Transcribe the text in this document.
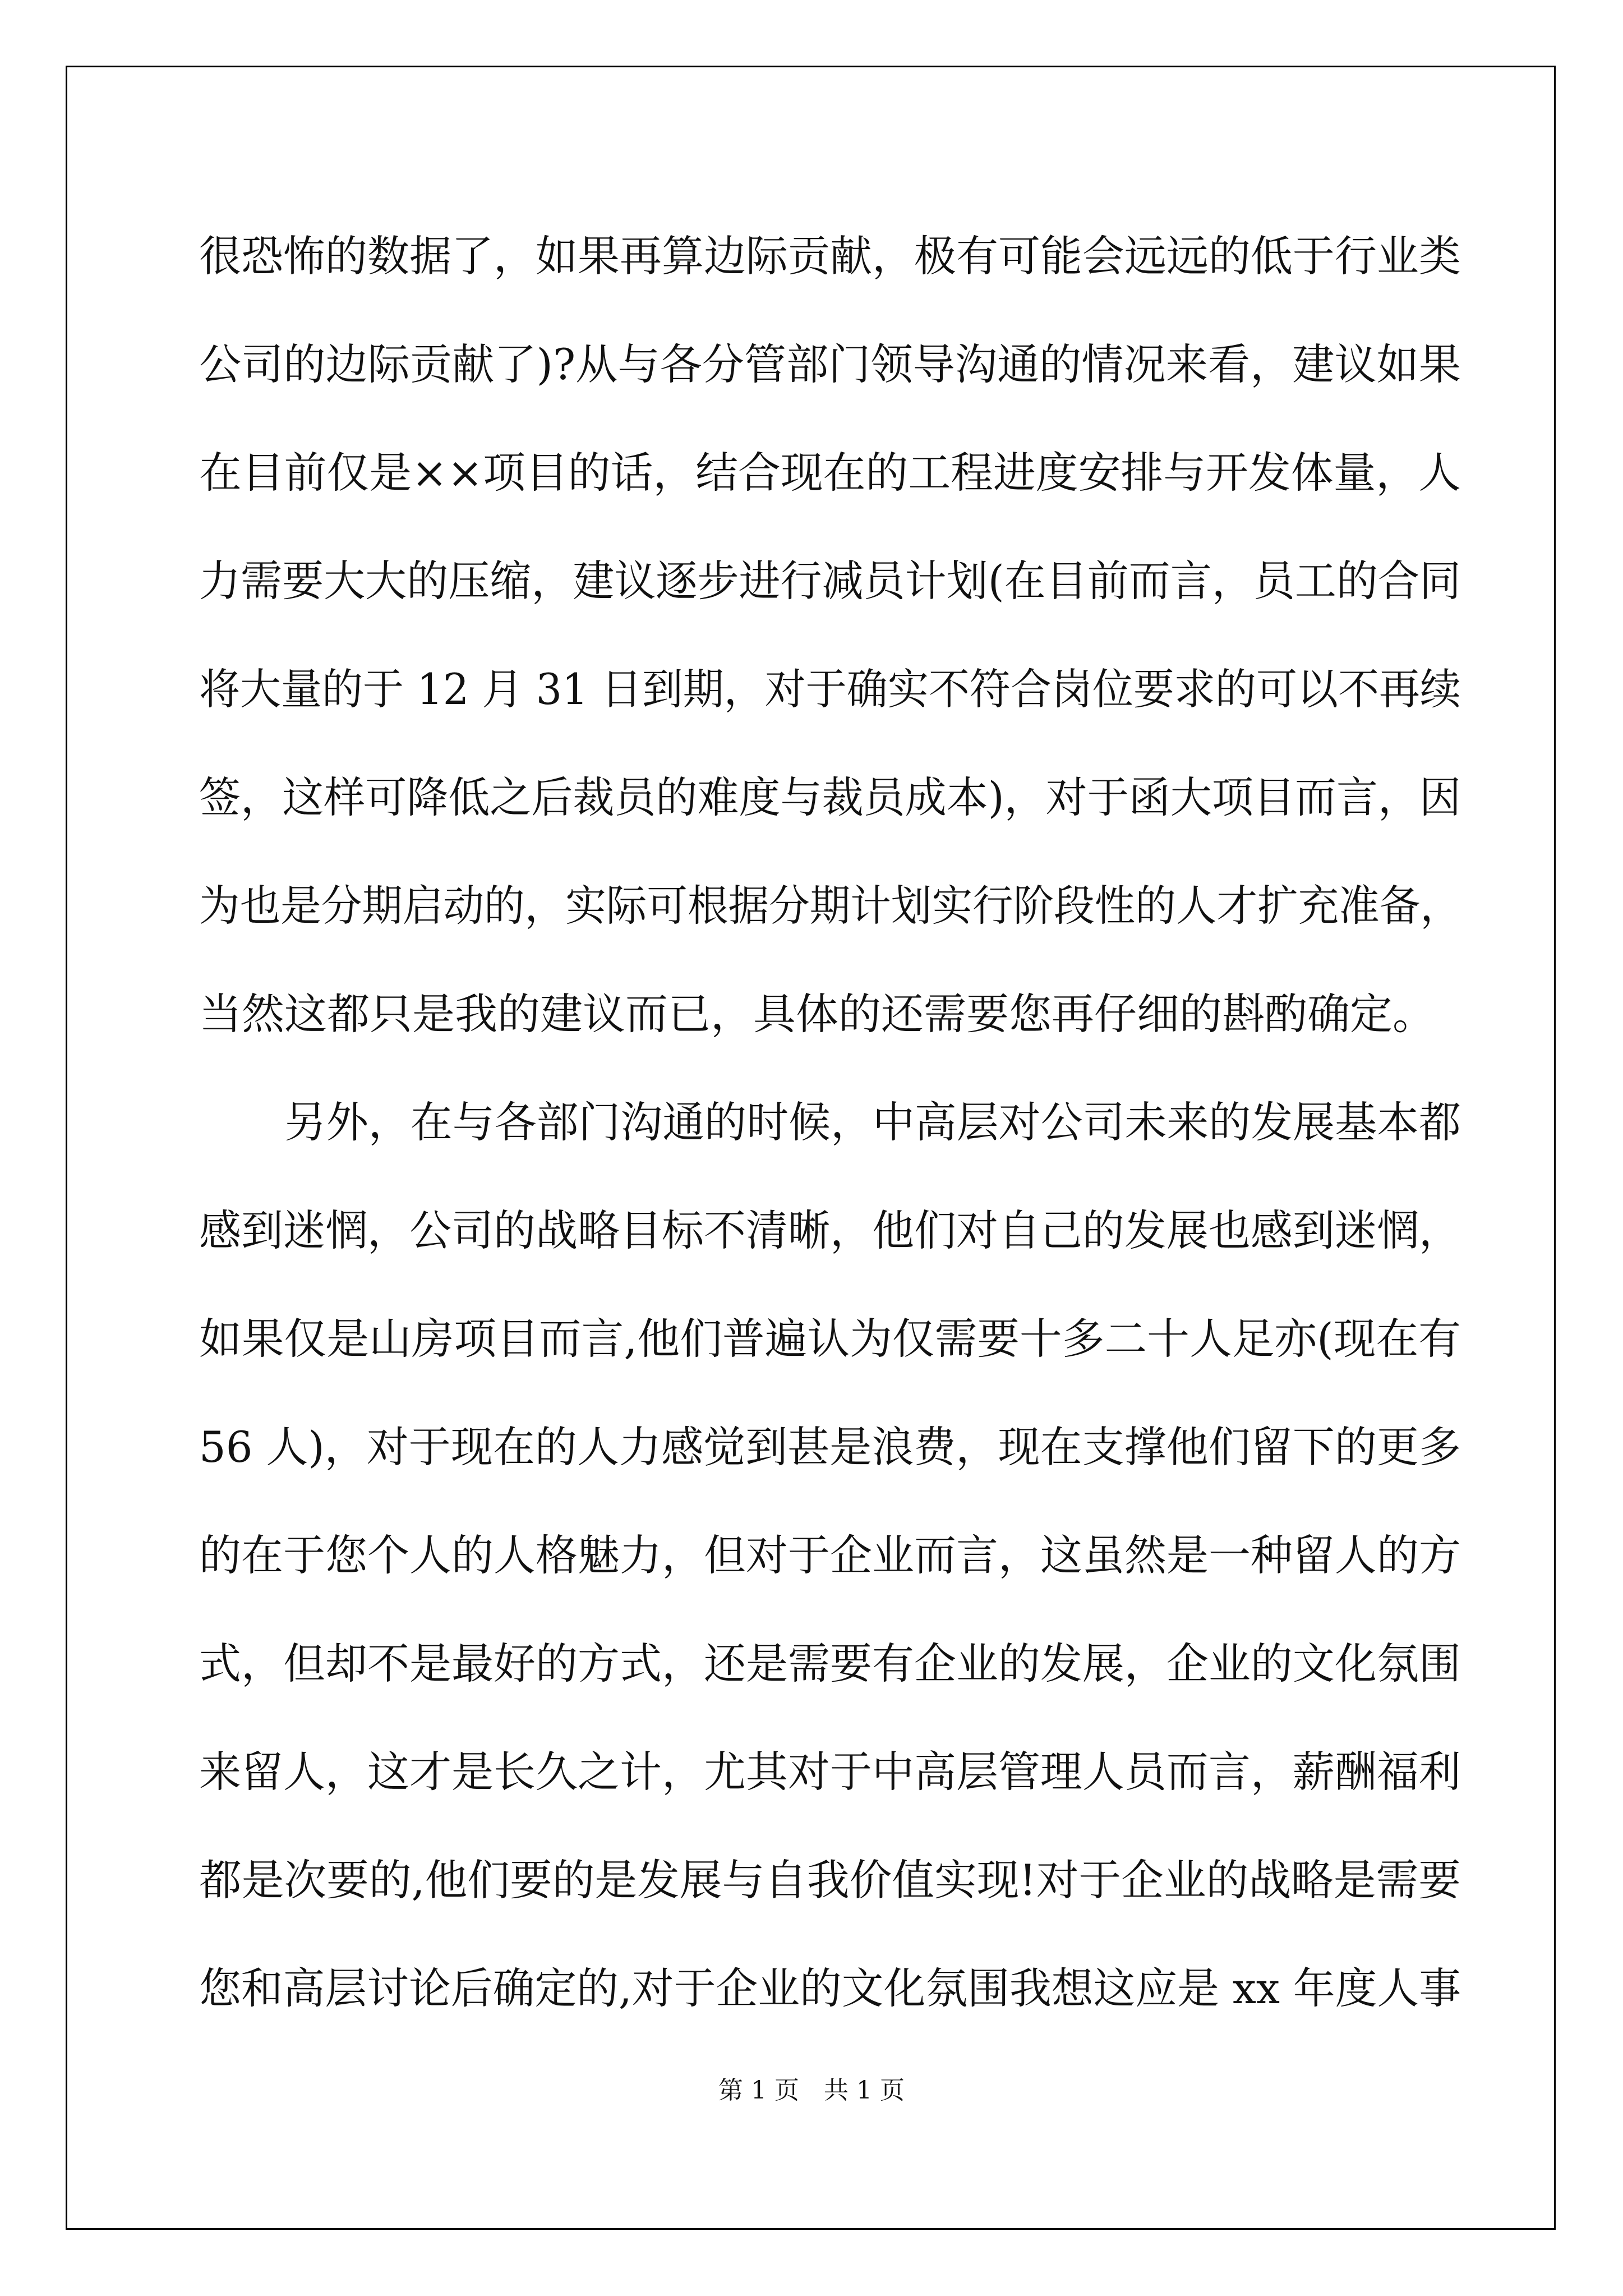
很恐怖的数据了，如果再算边际贡献，极有可能会远远的低于行业类
公司的边际贡献了)?从与各分管部门领导沟通的情况来看，建议如果
在目前仅是××项目的话，结合现在的工程进度安排与开发体量，人
力需要大大的压缩，建议逐步进行减员计划(在目前而言，员工的合同
将大量的于 12 月 31 日到期，对于确实不符合岗位要求的可以不再续
签，这样可降低之后裁员的难度与裁员成本)，对于函大项目而言，因
为也是分期启动的，实际可根据分期计划实行阶段性的人才扩充准备，
当然这都只是我的建议而已，具体的还需要您再仔细的斟酌确定。
另外，在与各部门沟通的时候，中高层对公司未来的发展基本都
感到迷惘，公司的战略目标不清晰，他们对自己的发展也感到迷惘，
如果仅是山房项目而言,他们普遍认为仅需要十多二十人足亦(现在有
56 人)，对于现在的人力感觉到甚是浪费，现在支撑他们留下的更多
的在于您个人的人格魅力，但对于企业而言，这虽然是一种留人的方
式，但却不是最好的方式，还是需要有企业的发展，企业的文化氛围
来留人，这才是长久之计，尤其对于中高层管理人员而言，薪酬福利
都是次要的,他们要的是发展与自我价值实现!对于企业的战略是需要
您和高层讨论后确定的,对于企业的文化氛围我想这应是 xx 年度人事
第 1 页　共 1 页
